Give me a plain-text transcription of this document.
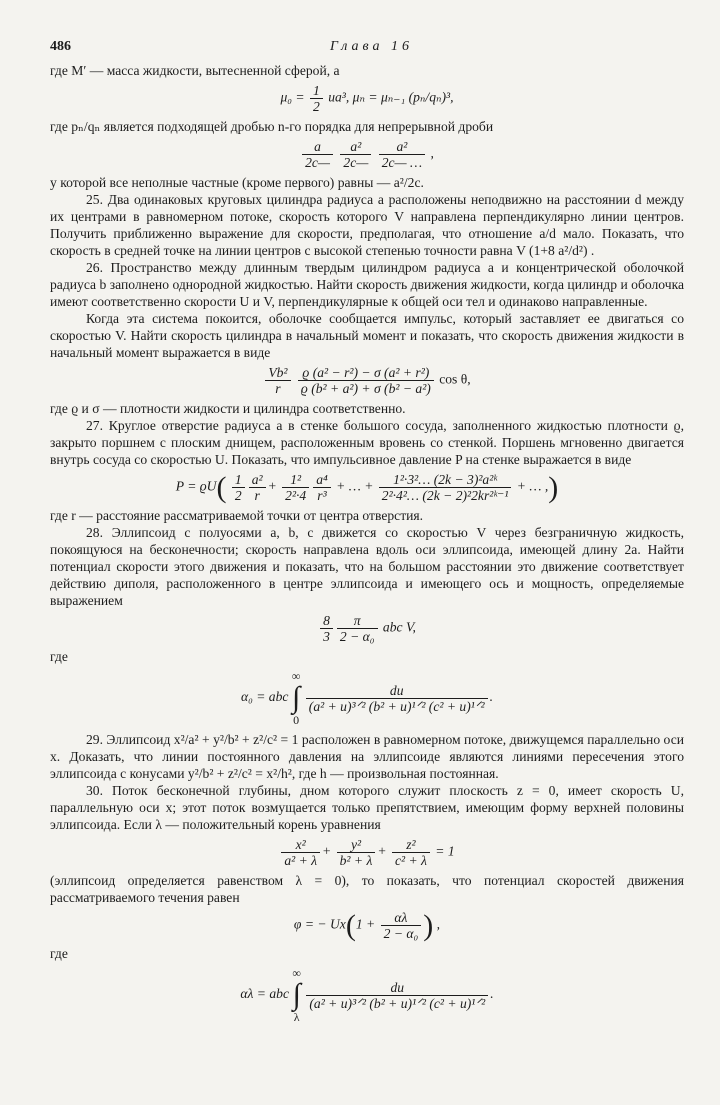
486	Глава 16

где M′ — масса жидкости, вытесненной сферой, а

$\mu_0 = \frac{1}{2} ua^3$, μₙ = μₙ₋₁ (pₙ/qₙ)³,

где pₙ/qₙ является подходящей дробью n-го порядка для непрерывной дроби

$\frac{a}{2c—}$
$\frac{\text{a²}}{2c—}$
$\frac{\text{a²}}{2c— \dots}$ ,

у которой все неполные частные (кроме первого) равны — a²/2c.

25. Два одинаковых круговых цилиндра радиуса a расположены неподвижно на расстоянии d между их центрами в равномерном потоке, скорость которого V направлена перпендикулярно линии центров. Получить приближенно выражение для скорости, предполагая, что отношение a/d мало. Показать, что скорость в средней точке на линии центров с высокой степенью точности равна V (1+8 a²/d²) .

26. Пространство между длинным твердым цилиндром радиуса a и концентрической оболочкой радиуса b заполнено однородной жидкостью. Найти скорость движения жидкости, когда цилиндр и оболочка имеют соответственно скорости U и V, перпендикулярные к общей оси тел и одинаково направленные.

Когда эта система покоится, оболочке сообщается импульс, который заставляет ее двигаться со скоростью V. Найти скорость цилиндра в начальный момент и показать, что скорость движения жидкости в начальный момент выражается в виде

$\frac{\text{Vb²}}{r}$
$\frac{\text{ϱ (a² − r²) − σ (a² + r²)}}{\text{ϱ (b² + a²) + σ (b² − a²)}}$ cos θ,

где ϱ и σ — плотности жидкости и цилиндра соответственно.

27. Круглое отверстие радиуса a в стенке большого сосуда, заполненного жидкостью плотности ϱ, закрыто поршнем с плоским днищем, расположенным вровень со стенкой. Поршень мгновенно двигается внутрь сосуда со скоростью U. Показать, что импульсивное давление P на стенке выражается в виде

$P = ϱU( \frac{1}{2} \frac{\text{a²}}{r} + \frac{\text{1²}}{\text{2²·4}} \frac{\text{a⁴}}{\text{r³}}$ + … + $\frac{\text{1²·3²… (2k − 3)²a²ᵏ}}{\text{2²·4²… (2k − 2)²2kr²ᵏ⁻¹}}$ + … ,)

где r — расстояние рассматриваемой точки от центра отверстия.

28. Эллипсоид с полуосями a, b, c движется со скоростью V через безграничную жидкость, покоящуюся на бесконечности; скорость направлена вдоль оси эллипсоида, имеющей длину 2a. Найти потенциал скорости этого движения и показать, что на большом расстоянии это движение соответствует действию диполя, расположенного в центре эллипсоида и имеющего ось и мощность, определяемые выражением

$\frac{8}{3} \frac{\pi}{\text{2 − α₀}}$ abc V,

где

α₀ = abc
∞
∫
0

$\frac{du}{\text{(a² + u)³ᐟ² (b² + u)¹ᐟ² (c² + u)¹ᐟ²}}$ .

29. Эллипсоид x²/a² + y²/b² + z²/c² = 1 расположен в равномерном потоке, движущемся параллельно оси x. Доказать, что линии постоянного давления на эллипсоиде являются линиями пересечения этого эллипсоида с конусами y²/b² + z²/c² = x²/h², где h — произвольная постоянная.

30. Поток бесконечной глубины, дном которого служит плоскость z = 0, имеет скорость U, параллельную оси x; этот поток возмущается только препятствием, имеющим форму верхней половины эллипсоида. Если λ — положительный корень уравнения

$\frac{\text{x²}}{\text{a² + λ}} + \frac{\text{y²}}{\text{b² + λ}} + \frac{\text{z²}}{\text{c² + λ}} = 1$

(эллипсоид определяется равенством λ = 0), то показать, что потенциал скоростей движения рассматриваемого течения равен

φ = − $Ux(1 + \frac{\alpha\lambda}{\text{2 − α₀}}$ ) ,

где

αλ = abc
∞
∫
λ

$\frac{du}{\text{(a² + u)³ᐟ² (b² + u)¹ᐟ² (c² + u)¹ᐟ²}}$ .
